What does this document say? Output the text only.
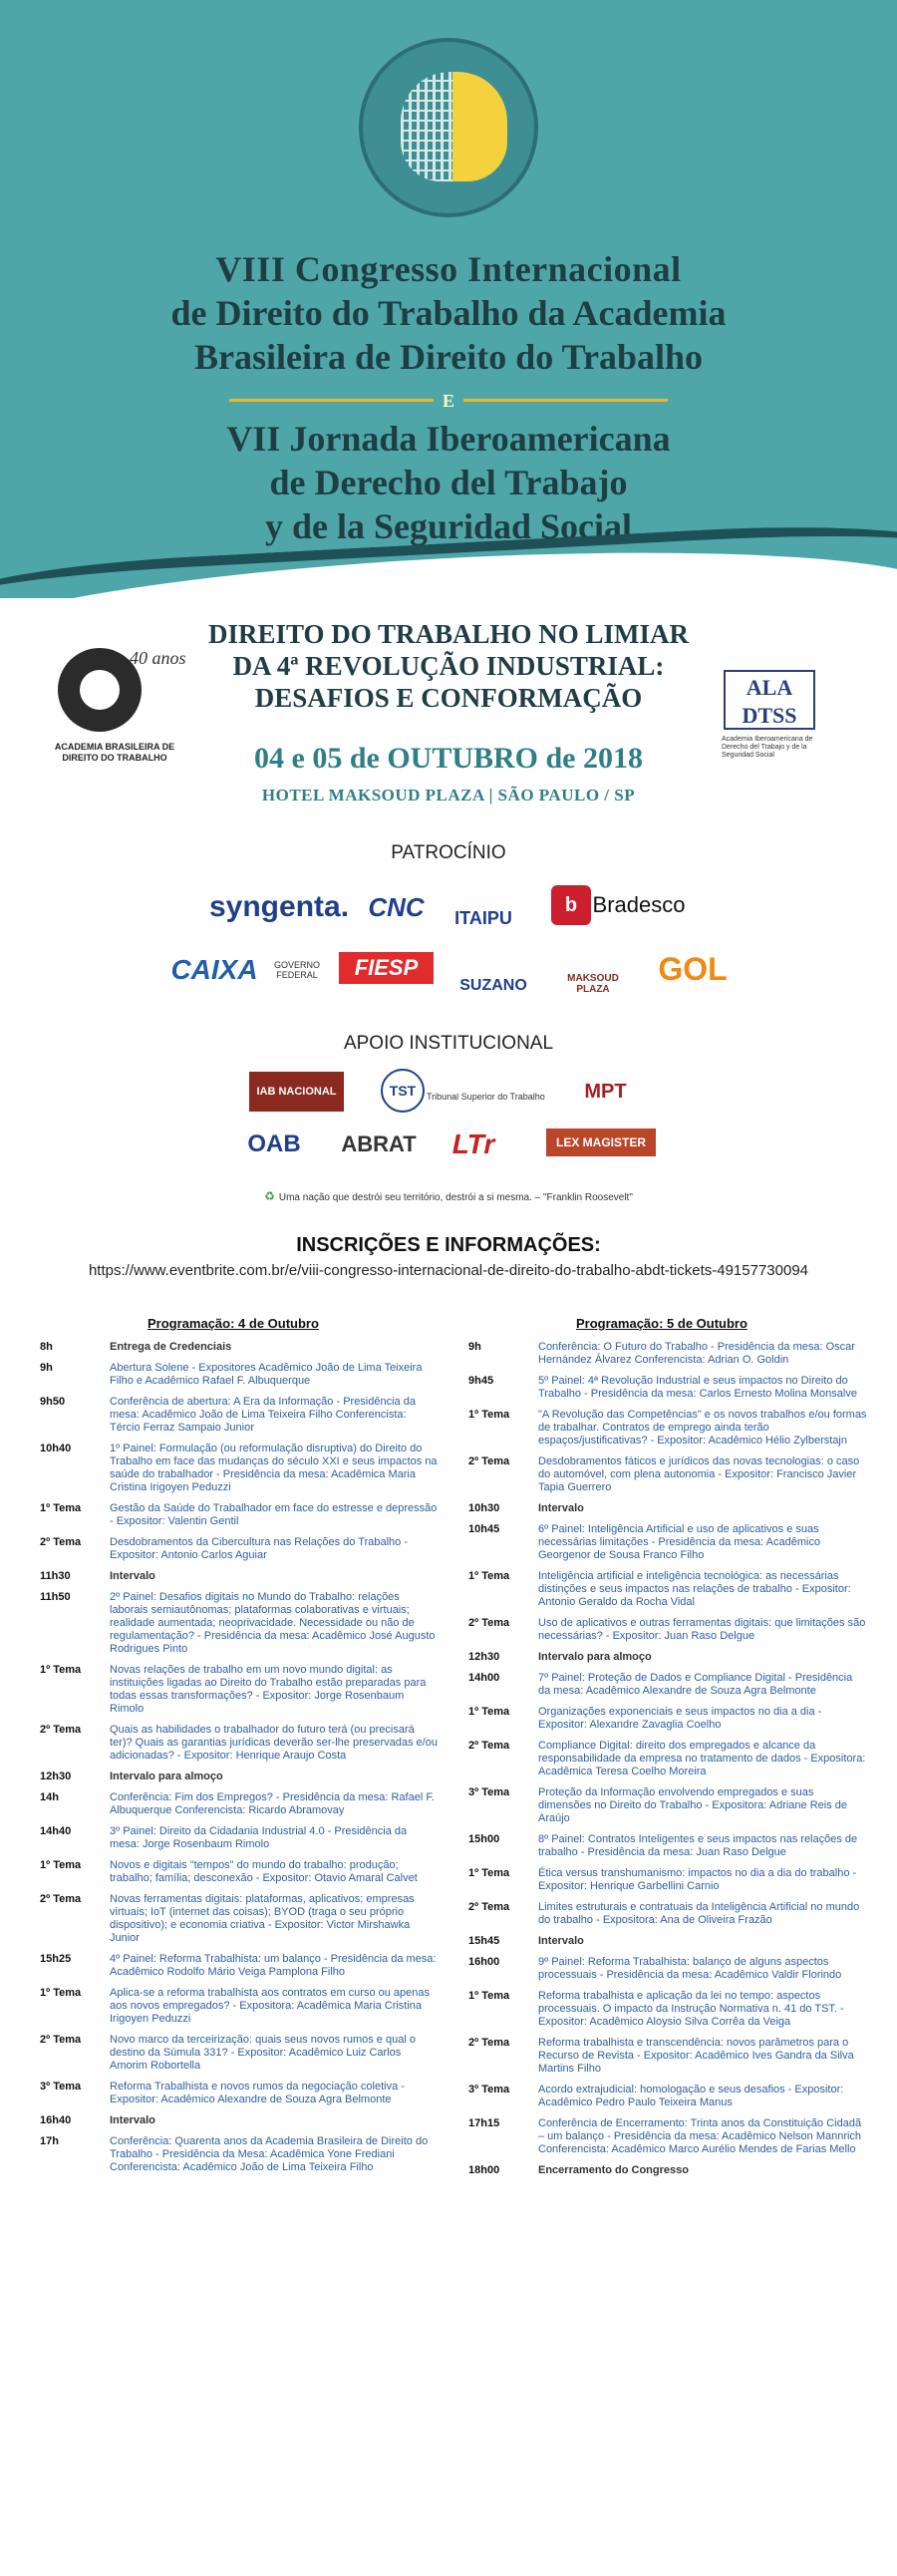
VIII Congresso Internacional
de Direito do Trabalho da Academia
Brasileira de Direito do Trabalho
E
VII Jornada Iberoamericana
de Derecho del Trabajo
y de la Seguridad Social
40 anos
ACADEMIA BRASILEIRA DE DIREITO DO TRABALHO
DIREITO DO TRABALHO NO LIMIAR
DA 4ª REVOLUÇÃO INDUSTRIAL:
DESAFIOS E CONFORMAÇÃO
04 e 05 de OUTUBRO de 2018
HOTEL MAKSOUD PLAZA | SÃO PAULO / SP
ALA DTSS
Academia Iberoamericana de Derecho del Trabajo y de la Seguridad Social
PATROCÍNIO
syngenta. CNC	ITAIPU
b Bradesco
CAIXA	GOVERNO FEDERAL	FIESP
SUZANO	MAKSOUD PLAZA
GOL
APOIO INSTITUCIONAL
IAB NACIONAL	TST	Tribunal Superior do Trabalho	MPT
OAB	ABRAT	LTr	LEX MAGISTER
♻ Uma nação que destrói seu território, destrói a si mesma. – "Franklin Roosevelt"
INSCRIÇÕES E INFORMAÇÕES:
https://www.eventbrite.com.br/e/viii-congresso-internacional-de-direito-do-trabalho-abdt-tickets-49157730094
Programação: 4 de Outubro	Programação: 5 de Outubro
8h	Entrega de Credenciais
9h	Abertura Solene - Expositores Acadêmico João de Lima Teixeira Filho e Acadêmico Rafael F. Albuquerque
9h50	Conferência de abertura: A Era da Informação - Presidência da mesa: Acadêmico João de Lima Teixeira Filho Conferencista: Tércio Ferraz Sampaio Junior
10h40	1º Painel: Formulação (ou reformulação disruptiva) do Direito do Trabalho em face das mudanças do século XXI e seus impactos na saúde do trabalhador - Presidência da mesa: Acadêmica Maria Cristina Irigoyen Peduzzi
1º Tema	Gestão da Saúde do Trabalhador em face do estresse e depressão - Expositor: Valentin Gentil
2º Tema	Desdobramentos da Cibercultura nas Relações do Trabalho - Expositor: Antonio Carlos Aguiar
11h30	Intervalo
11h50	2º Painel: Desafios digitais no Mundo do Trabalho: relações laborais semiautônomas; plataformas colaborativas e virtuais; realidade aumentada; neoprivacidade. Necessidade ou não de regulamentação? - Presidência da mesa: Acadêmico José Augusto Rodrigues Pinto
1º Tema	Novas relações de trabalho em um novo mundo digital: as instituições ligadas ao Direito do Trabalho estão preparadas para todas essas transformações? - Expositor: Jorge Rosenbaum Rimolo
2º Tema	Quais as habilidades o trabalhador do futuro terá (ou precisará ter)? Quais as garantias jurídicas deverão ser-lhe preservadas e/ou adicionadas? - Expositor: Henrique Araujo Costa
12h30	Intervalo para almoço
14h	Conferência: Fim dos Empregos? - Presidência da mesa: Rafael F. Albuquerque Conferencista: Ricardo Abramovay
14h40	3º Painel: Direito da Cidadania Industrial 4.0 - Presidência da mesa: Jorge Rosenbaum Rimolo
1º Tema	Novos e digitais "tempos" do mundo do trabalho: produção; trabalho; família; desconexão - Expositor: Otavio Amaral Calvet
2º Tema	Novas ferramentas digitais: plataformas, aplicativos; empresas virtuais; IoT (internet das coisas); BYOD (traga o seu próprio dispositivo); e economia criativa - Expositor: Victor Mirshawka Junior
15h25	4º Painel: Reforma Trabalhista: um balanço - Presidência da mesa: Acadêmico Rodolfo Mário Veiga Pamplona Filho
1º Tema	Aplica-se a reforma trabalhista aos contratos em curso ou apenas aos novos empregados? - Expositora: Acadêmica Maria Cristina Irigoyen Peduzzi
2º Tema	Novo marco da terceirização: quais seus novos rumos e qual o destino da Súmula 331? - Expositor: Acadêmico Luiz Carlos Amorim Robortella
3º Tema	Reforma Trabalhista e novos rumos da negociação coletiva - Expositor: Acadêmico Alexandre de Souza Agra Belmonte
16h40	Intervalo
17h	Conferência: Quarenta anos da Academia Brasileira de Direito do Trabalho - Presidência da Mesa: Acadêmica Yone Frediani Conferencista: Acadêmico João de Lima Teixeira Filho
9h	Conferência: O Futuro do Trabalho - Presidência da mesa: Oscar Hernández Álvarez Conferencista: Adrian O. Goldin
9h45	5º Painel: 4ª Revolução Industrial e seus impactos no Direito do Trabalho - Presidência da mesa: Carlos Ernesto Molina Monsalve
1º Tema	"A Revolução das Competências" e os novos trabalhos e/ou formas de trabalhar. Contratos de emprego ainda terão espaços/justificativas? - Expositor: Acadêmico Hélio Zylberstajn
2º Tema	Desdobramentos fáticos e jurídicos das novas tecnologias: o caso do automóvel, com plena autonomia - Expositor: Francisco Javier Tapia Guerrero
10h30	Intervalo
10h45	6º Painel: Inteligência Artificial e uso de aplicativos e suas necessárias limitações - Presidência da mesa: Acadêmico Georgenor de Sousa Franco Filho
1º Tema	Inteligência artificial e inteligência tecnológica: as necessárias distinções e seus impactos nas relações de trabalho - Expositor: Antonio Geraldo da Rocha Vidal
2º Tema	Uso de aplicativos e outras ferramentas digitais: que limitações são necessárias? - Expositor: Juan Raso Delgue
12h30	Intervalo para almoço
14h00	7º Painel: Proteção de Dados e Compliance Digital - Presidência da mesa: Acadêmico Alexandre de Souza Agra Belmonte
1º Tema	Organizações exponenciais e seus impactos no dia a dia - Expositor: Alexandre Zavaglia Coelho
2º Tema	Compliance Digital: direito dos empregados e alcance da responsabilidade da empresa no tratamento de dados - Expositora: Acadêmica Teresa Coelho Moreira
3º Tema	Proteção da Informação envolvendo empregados e suas dimensões no Direito do Trabalho - Expositora: Adriane Reis de Araújo
15h00	8º Painel: Contratos Inteligentes e seus impactos nas relações de trabalho - Presidência da mesa: Juan Raso Delgue
1º Tema	Ética versus transhumanismo: impactos no dia a dia do trabalho - Expositor: Henrique Garbellini Carnio
2º Tema	Limites estruturais e contratuais da Inteligência Artificial no mundo do trabalho - Expositora: Ana de Oliveira Frazão
15h45	Intervalo
16h00	9º Painel: Reforma Trabalhista: balanço de alguns aspectos processuais - Presidência da mesa: Acadêmico Valdir Florindo
1º Tema	Reforma trabalhista e aplicação da lei no tempo: aspectos processuais. O impacto da Instrução Normativa n. 41 do TST. - Expositor: Acadêmico Aloysio Silva Corrêa da Veiga
2º Tema	Reforma trabalhista e transcendência: novos parâmetros para o Recurso de Revista - Expositor: Acadêmico Ives Gandra da Silva Martins Filho
3º Tema	Acordo extrajudicial: homologação e seus desafios - Expositor: Acadêmico Pedro Paulo Teixeira Manus
17h15	Conferência de Encerramento: Trinta anos da Constituição Cidadã – um balanço - Presidência da mesa: Acadêmico Nelson Mannrich Conferencista: Acadêmico Marco Aurélio Mendes de Farias Mello
18h00	Encerramento do Congresso
